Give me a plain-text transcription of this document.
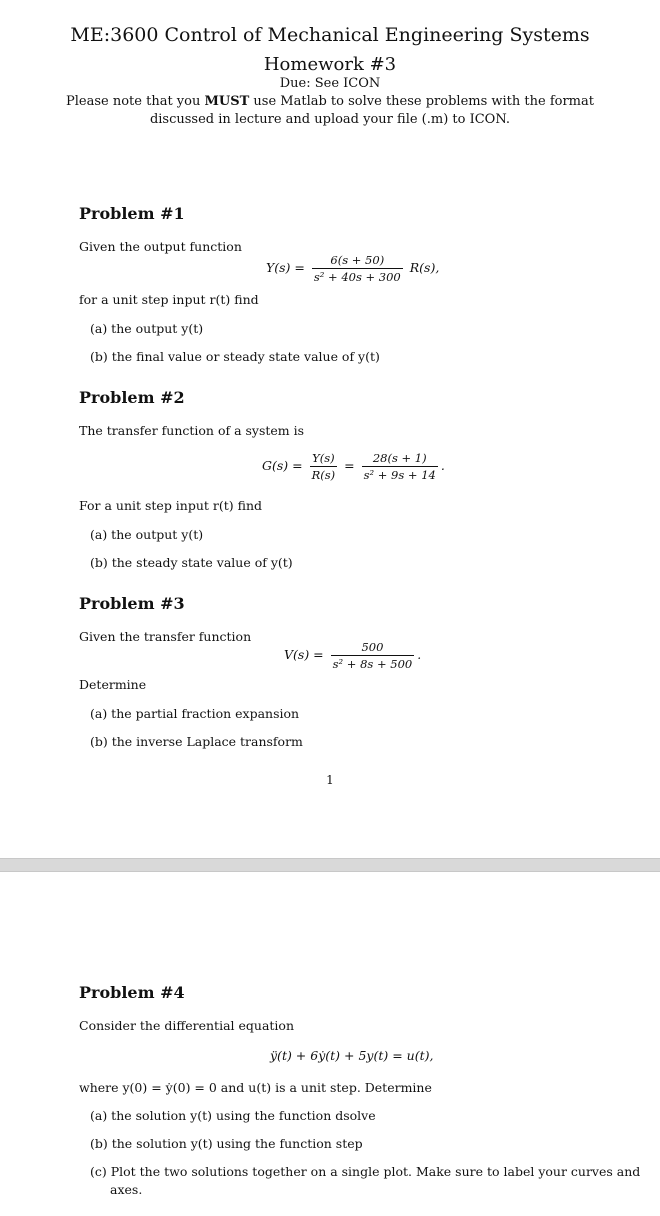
ME:3600 Control of Mechanical Engineering Systems
Homework #3
Due: See ICON
Please note that you MUST use Matlab to solve these problems with the format
discussed in lecture and upload your file (.m) to ICON.
Problem #1
Given the output function
$Y(s) = \frac{6(s + 50)}{\text{s² + 40s + 300}} R(s)$,
for a unit step input r(t) find
(a) the output y(t)
(b) the final value or steady state value of y(t)
Problem #2
The transfer function of a system is
$G(s) = \frac{Y(s)}{R(s)} = \frac{28(s + 1)}{\text{s² + 9s + 14}}$ .
For a unit step input r(t) find
(a) the output y(t)
(b) the steady state value of y(t)
Problem #3
Given the transfer function
$V(s) = \frac{500}{\text{s² + 8s + 500}}$ .
Determine
(a) the partial fraction expansion
(b) the inverse Laplace transform
1
Problem #4
Consider the differential equation
ÿ(t) + 6ẏ(t) + 5y(t) = u(t),
where y(0) = ẏ(0) = 0 and u(t) is a unit step. Determine
(a) the solution y(t) using the function dsolve
(b) the solution y(t) using the function step
(c) Plot the two solutions together on a single plot. Make sure to label your curves and
axes.
